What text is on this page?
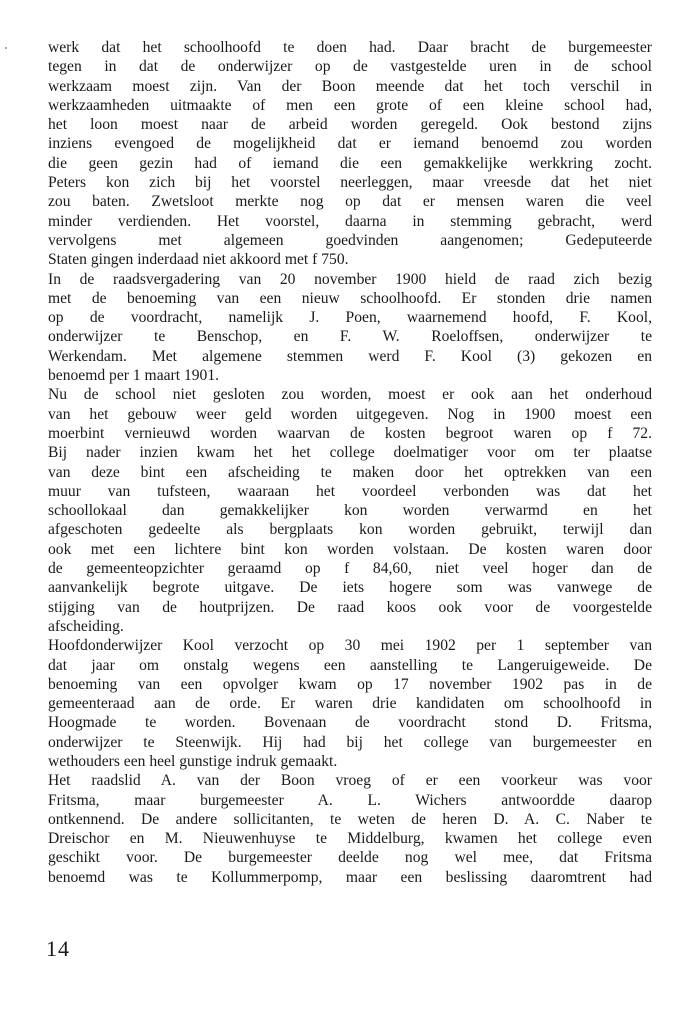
werk dat het schoolhoofd te doen had. Daar bracht de burgemeester
tegen in dat de onderwijzer op de vastgestelde uren in de school
werkzaam moest zijn. Van der Boon meende dat het toch verschil in
werkzaamheden uitmaakte of men een grote of een kleine school had,
het loon moest naar de arbeid worden geregeld. Ook bestond zijns
inziens evengoed de mogelijkheid dat er iemand benoemd zou worden
die geen gezin had of iemand die een gemakkelijke werkkring zocht.
Peters kon zich bij het voorstel neerleggen, maar vreesde dat het niet
zou baten. Zwetsloot merkte nog op dat er mensen waren die veel
minder verdienden. Het voorstel, daarna in stemming gebracht, werd
vervolgens met algemeen goedvinden aangenomen; Gedeputeerde
Staten gingen inderdaad niet akkoord met f 750.
In de raadsvergadering van 20 november 1900 hield de raad zich bezig
met de benoeming van een nieuw schoolhoofd. Er stonden drie namen
op de voordracht, namelijk J. Poen, waarnemend hoofd, F. Kool,
onderwijzer te Benschop, en F. W. Roeloffsen, onderwijzer te
Werkendam. Met algemene stemmen werd F. Kool (3) gekozen en
benoemd per 1 maart 1901.
Nu de school niet gesloten zou worden, moest er ook aan het onderhoud
van het gebouw weer geld worden uitgegeven. Nog in 1900 moest een
moerbint vernieuwd worden waarvan de kosten begroot waren op f 72.
Bij nader inzien kwam het het college doelmatiger voor om ter plaatse
van deze bint een afscheiding te maken door het optrekken van een
muur van tufsteen, waaraan het voordeel verbonden was dat het
schoollokaal dan gemakkelijker kon worden verwarmd en het
afgeschoten gedeelte als bergplaats kon worden gebruikt, terwijl dan
ook met een lichtere bint kon worden volstaan. De kosten waren door
de gemeenteopzichter geraamd op f 84,60, niet veel hoger dan de
aanvankelijk begrote uitgave. De iets hogere som was vanwege de
stijging van de houtprijzen. De raad koos ook voor de voorgestelde
afscheiding.
Hoofdonderwijzer Kool verzocht op 30 mei 1902 per 1 september van
dat jaar om onstalg wegens een aanstelling te Langeruigeweide. De
benoeming van een opvolger kwam op 17 november 1902 pas in de
gemeenteraad aan de orde. Er waren drie kandidaten om schoolhoofd in
Hoogmade te worden. Bovenaan de voordracht stond D. Fritsma,
onderwijzer te Steenwijk. Hij had bij het college van burgemeester en
wethouders een heel gunstige indruk gemaakt.
Het raadslid A. van der Boon vroeg of er een voorkeur was voor
Fritsma, maar burgemeester A. L. Wichers antwoordde daarop
ontkennend. De andere sollicitanten, te weten de heren D. A. C. Naber te
Dreischor en M. Nieuwenhuyse te Middelburg, kwamen het college even
geschikt voor. De burgemeester deelde nog wel mee, dat Fritsma
benoemd was te Kollummerpomp, maar een beslissing daaromtrent had
14
